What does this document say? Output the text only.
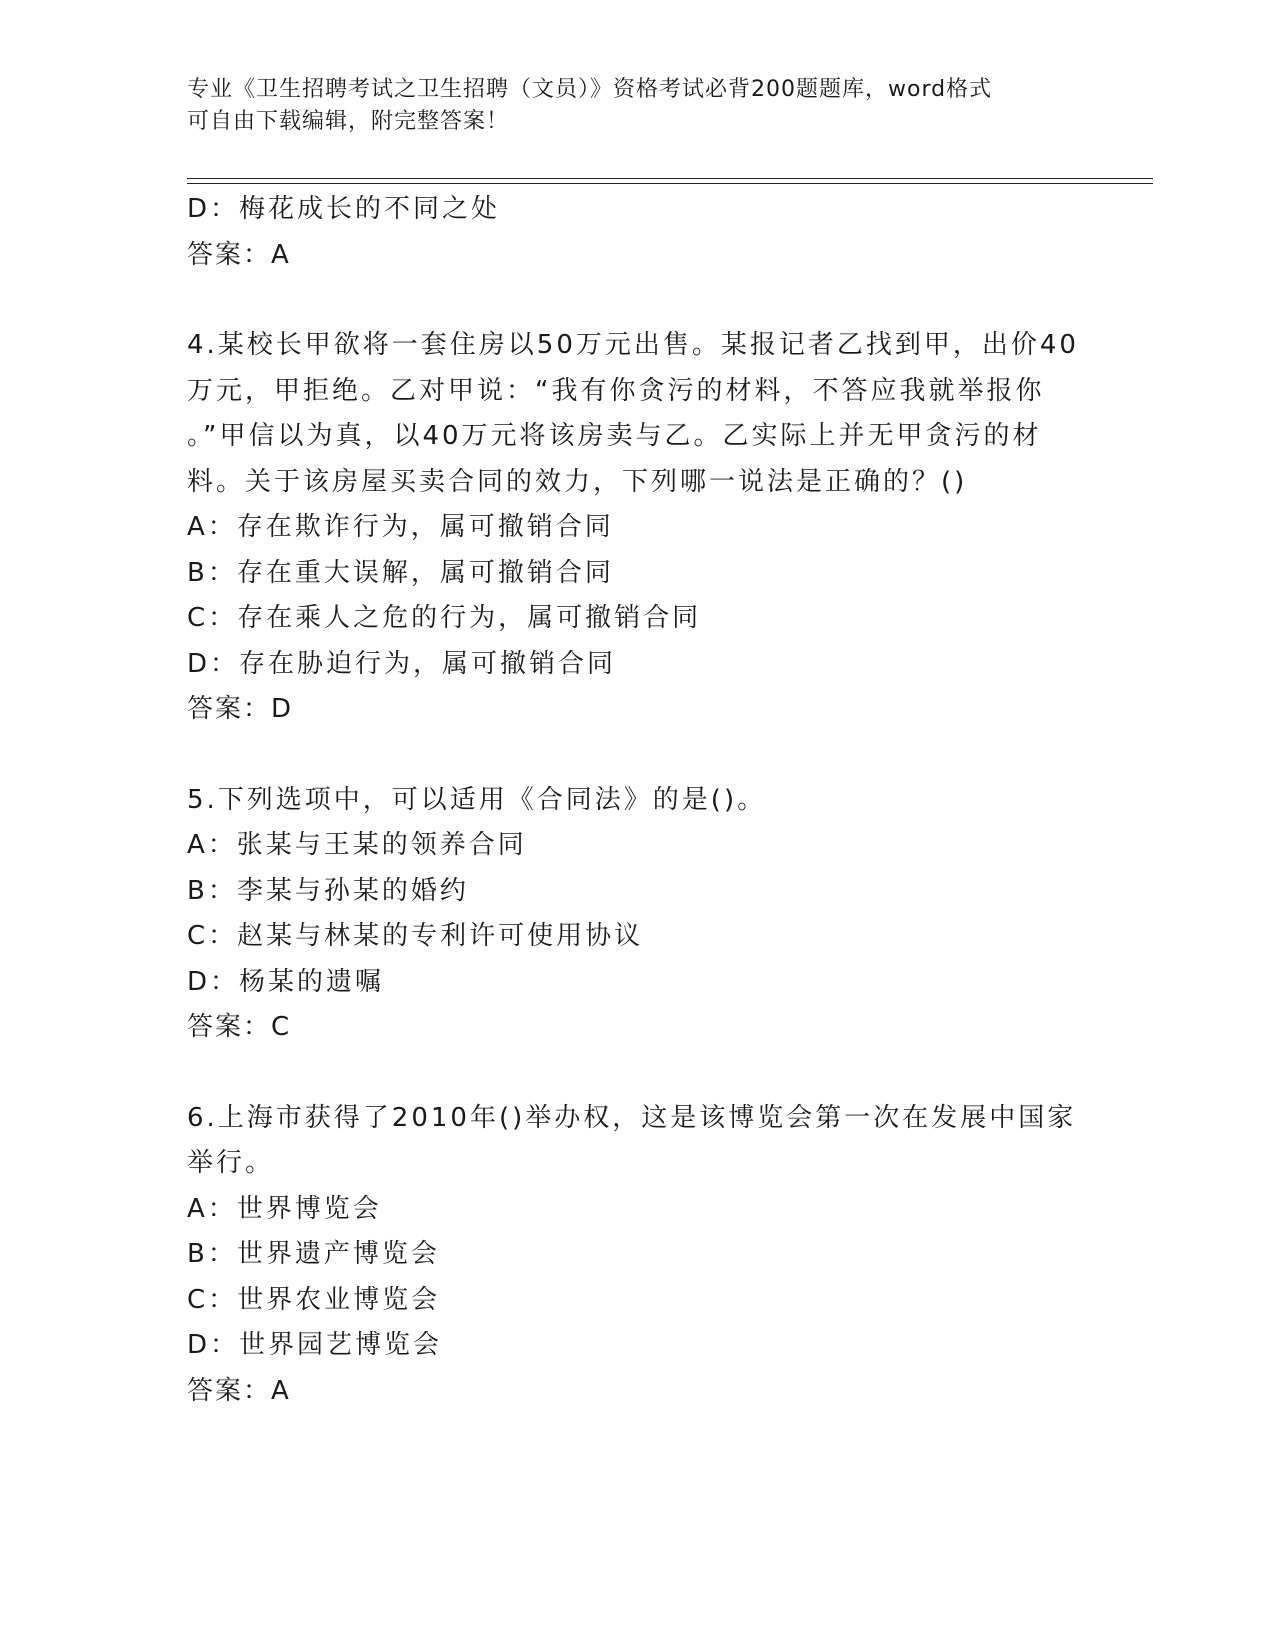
专业《卫生招聘考试之卫生招聘（文员）》资格考试必背200题题库，word格式
可自由下载编辑，附完整答案！
D：梅花成长的不同之处
答案：A
4.某校长甲欲将一套住房以50万元出售。某报记者乙找到甲，出价40
万元，甲拒绝。乙对甲说：“我有你贪污的材料，不答应我就举报你
。”甲信以为真，以40万元将该房卖与乙。乙实际上并无甲贪污的材
料。关于该房屋买卖合同的效力，下列哪一说法是正确的？()
A：存在欺诈行为，属可撤销合同
B：存在重大误解，属可撤销合同
C：存在乘人之危的行为，属可撤销合同
D：存在胁迫行为，属可撤销合同
答案：D
5.下列选项中，可以适用《合同法》的是()。
A：张某与王某的领养合同
B：李某与孙某的婚约
C：赵某与林某的专利许可使用协议
D：杨某的遗嘱
答案：C
6.上海市获得了2010年()举办权，这是该博览会第一次在发展中国家
举行。
A：世界博览会
B：世界遗产博览会
C：世界农业博览会
D：世界园艺博览会
答案：A
